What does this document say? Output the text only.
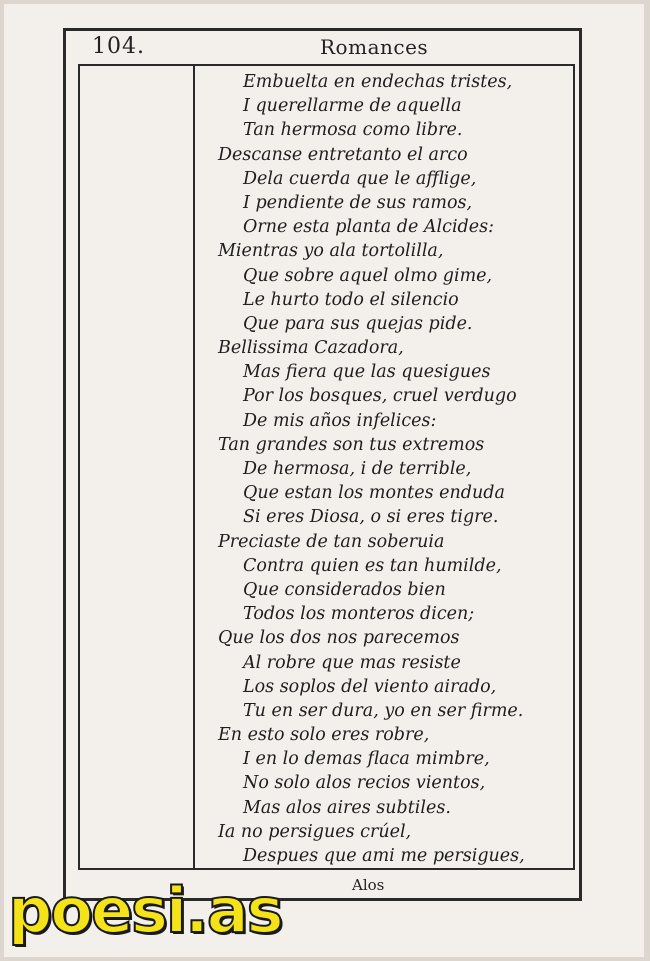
104.	Romances
Embuelta en endechas tristes,
I querellarme de aquella
Tan hermosa como libre.
Descanse entretanto el arco
Dela cuerda que le afflige,
I pendiente de sus ramos,
Orne esta planta de Alcides:
Mientras yo ala tortolilla,
Que sobre aquel olmo gime,
Le hurto todo el silencio
Que para sus quejas pide.
Bellissima Cazadora,
Mas fiera que las quesigues
Por los bosques, cruel verdugo
De mis años infelices:
Tan grandes son tus extremos
De hermosa, i de terrible,
Que estan los montes enduda
Si eres Diosa, o si eres tigre.
Preciaste de tan soberuia
Contra quien es tan humilde,
Que considerados bien
Todos los monteros dicen;
Que los dos nos parecemos
Al robre que mas resiste
Los soplos del viento airado,
Tu en ser dura, yo en ser firme.
En esto solo eres robre,
I en lo demas flaca mimbre,
No solo alos recios vientos,
Mas alos aires subtiles.
Ia no persigues crúel,
Despues que ami me persigues,
Alos
poesi.as
